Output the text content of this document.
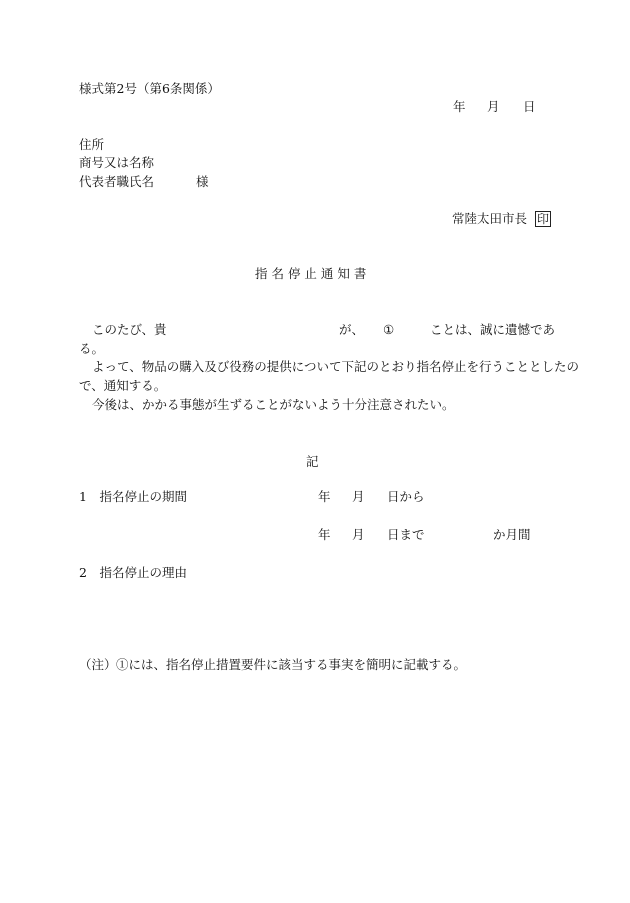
様式第2号（第6条関係）
年 月 日
住所
商号又は名称
代表者職氏名	様
常陸太田市長 印
指 名 停 止 通 知 書
このたび、貴	が、 ①	ことは、誠に遺憾であ
る。
よって、物品の購入及び役務の提供について下記のとおり指名停止を行うこととしたの
で、通知する。
今後は、かかる事態が生ずることがないよう十分注意されたい。
記
1　指名停止の期間	年 月 日から
年 月 日まで	か月間
2　指名停止の理由
（注） ①には、指名停止措置要件に該当する事実を簡明に記載する。
